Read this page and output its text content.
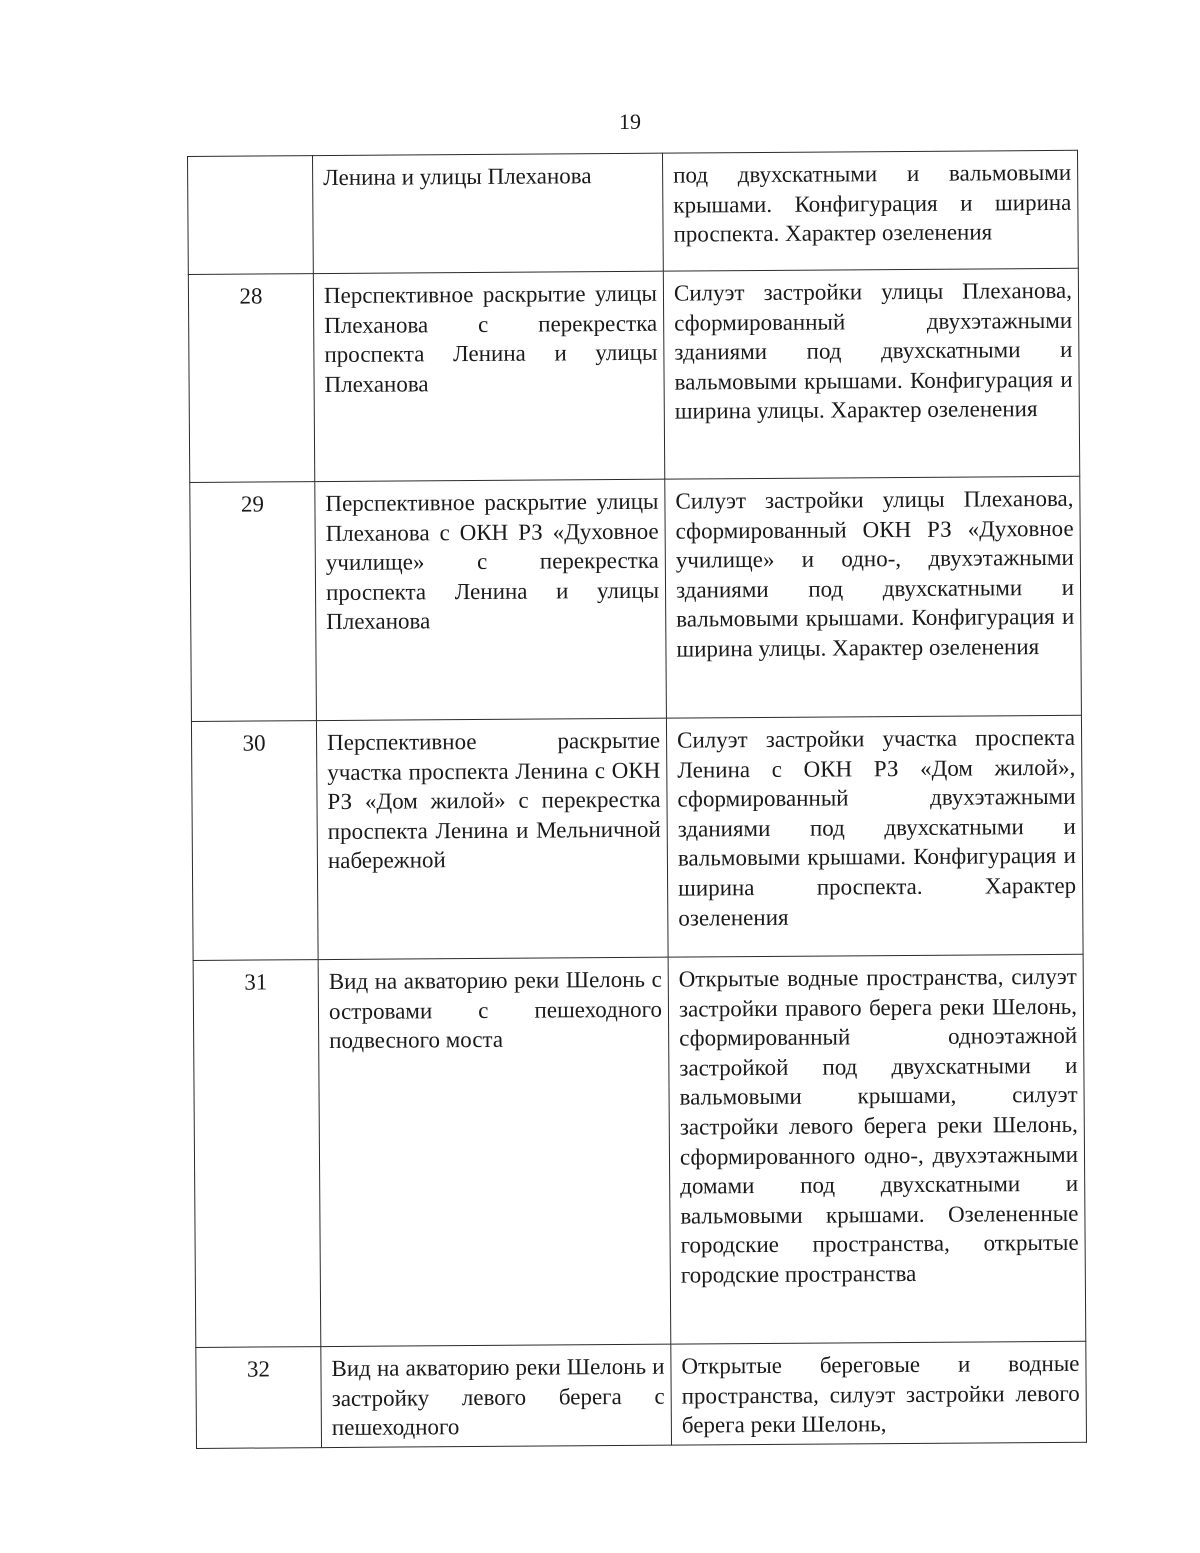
19
	Ленина и улицы Плеханова	под двухскатными и вальмовыми крышами. Конфигурация и ширина проспекта. Характер озеленения
28	Перспективное раскрытие улицы Плеханова с перекрестка проспекта Ленина и улицы Плеханова	Силуэт застройки улицы Плеханова, сформированный двухэтажными зданиями под двухскатными и вальмовыми крышами. Конфигурация и ширина улицы. Характер озеленения
29	Перспективное раскрытие улицы Плеханова с ОКН РЗ «Духовное училище» с перекрестка проспекта Ленина и улицы Плеханова	Силуэт застройки улицы Плеханова, сформированный ОКН РЗ «Духовное училище» и одно-, двухэтажными зданиями под двухскатными и вальмовыми крышами. Конфигурация и ширина улицы. Характер озеленения
30	Перспективное раскрытие участка проспекта Ленина с ОКН РЗ «Дом жилой» с перекрестка проспекта Ленина и Мельничной набережной	Силуэт застройки участка проспекта Ленина с ОКН РЗ «Дом жилой», сформированный двухэтажными зданиями под двухскатными и вальмовыми крышами. Конфигурация и ширина проспекта. Характер озеленения
31	Вид на акваторию реки Шелонь с островами с пешеходного подвесного моста	Открытые водные пространства, силуэт застройки правого берега реки Шелонь, сформированный одноэтажной застройкой под двухскатными и вальмовыми крышами, силуэт застройки левого берега реки Шелонь, сформированного одно-, двухэтажными домами под двухскатными и вальмовыми крышами. Озелененные городские пространства, открытые городские пространства
32	Вид на акваторию реки Шелонь и застройку левого берега с пешеходного	Открытые береговые и водные пространства, силуэт застройки левого берега реки Шелонь,
